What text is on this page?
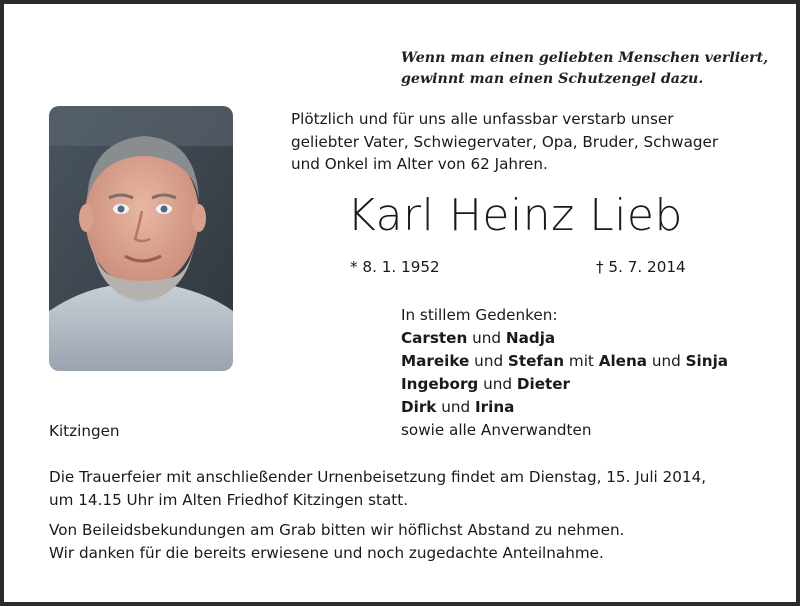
Wenn man einen geliebten Menschen verliert,
gewinnt man einen Schutzengel dazu.
Plötzlich und für uns alle unfassbar verstarb unser
geliebter Vater, Schwiegervater, Opa, Bruder, Schwager
und Onkel im Alter von 62 Jahren.
Karl Heinz Lieb
* 8. 1. 1952	† 5. 7. 2014
In stillem Gedenken:
Carsten und Nadja
Mareike und Stefan mit Alena und Sinja
Ingeborg und Dieter
Dirk und Irina
sowie alle Anverwandten
Kitzingen
Die Trauerfeier mit anschließender Urnenbeisetzung findet am Dienstag, 15. Juli 2014,
um 14.15 Uhr im Alten Friedhof Kitzingen statt.
Von Beileidsbekundungen am Grab bitten wir höflichst Abstand zu nehmen.
Wir danken für die bereits erwiesene und noch zugedachte Anteilnahme.
